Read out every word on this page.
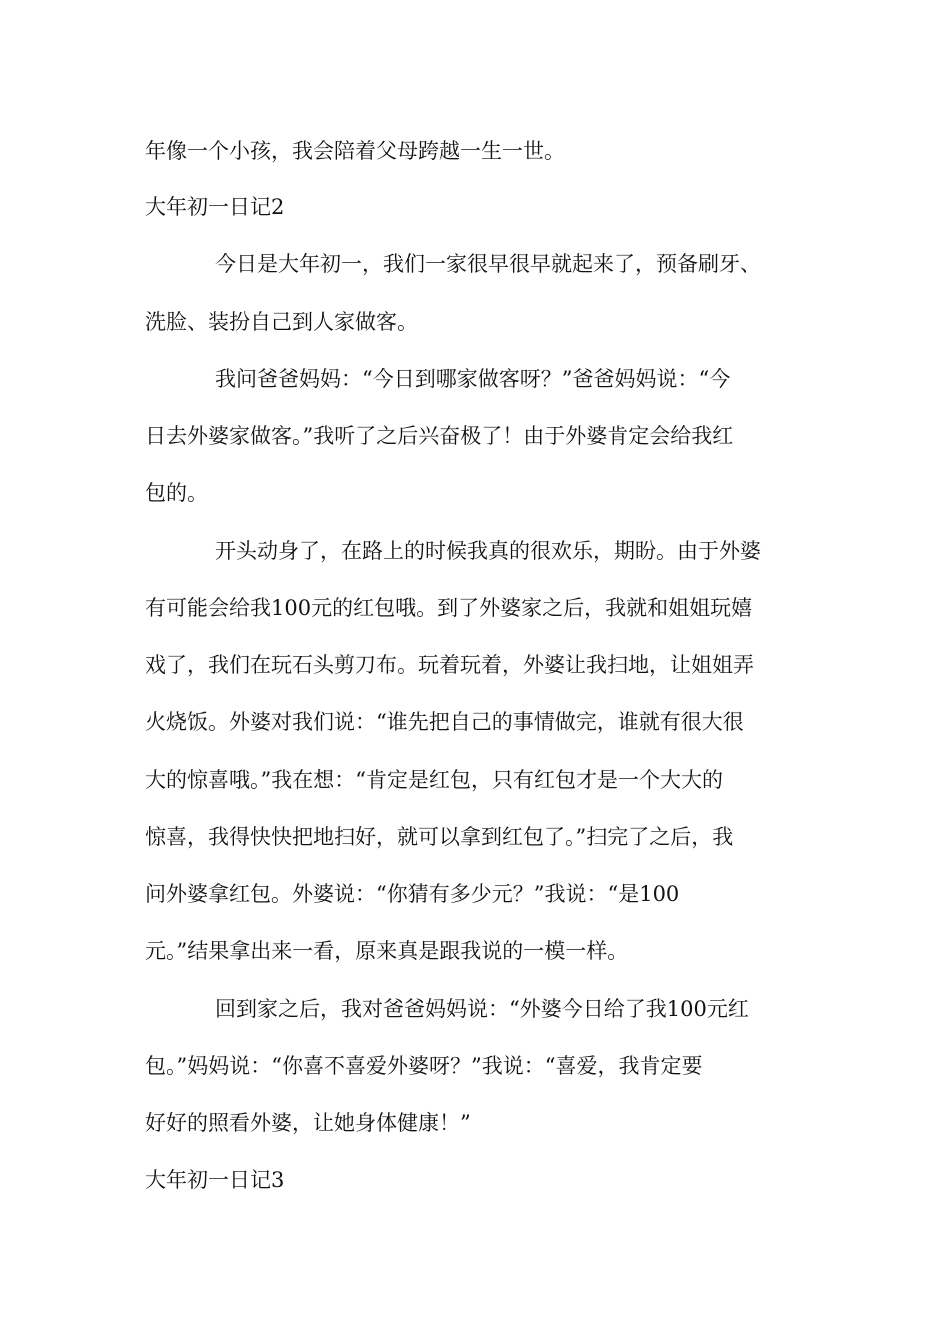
年像一个小孩，我会陪着父母跨越一生一世。
大年初一日记2
今日是大年初一，我们一家很早很早就起来了，预备刷牙、
洗脸、装扮自己到人家做客。
我问爸爸妈妈：“今日到哪家做客呀？”爸爸妈妈说：“今
日去外婆家做客。”我听了之后兴奋极了！由于外婆肯定会给我红
包的。
开头动身了，在路上的时候我真的很欢乐，期盼。由于外婆
有可能会给我100元的红包哦。到了外婆家之后，我就和姐姐玩嬉
戏了，我们在玩石头剪刀布。玩着玩着，外婆让我扫地，让姐姐弄
火烧饭。外婆对我们说：“谁先把自己的事情做完，谁就有很大很
大的惊喜哦。”我在想：“肯定是红包，只有红包才是一个大大的
惊喜，我得快快把地扫好，就可以拿到红包了。”扫完了之后，我
问外婆拿红包。外婆说：“你猜有多少元？”我说：“是100
元。”结果拿出来一看，原来真是跟我说的一模一样。
回到家之后，我对爸爸妈妈说：“外婆今日给了我100元红
包。”妈妈说：“你喜不喜爱外婆呀？”我说：“喜爱，我肯定要
好好的照看外婆，让她身体健康！”
大年初一日记3
